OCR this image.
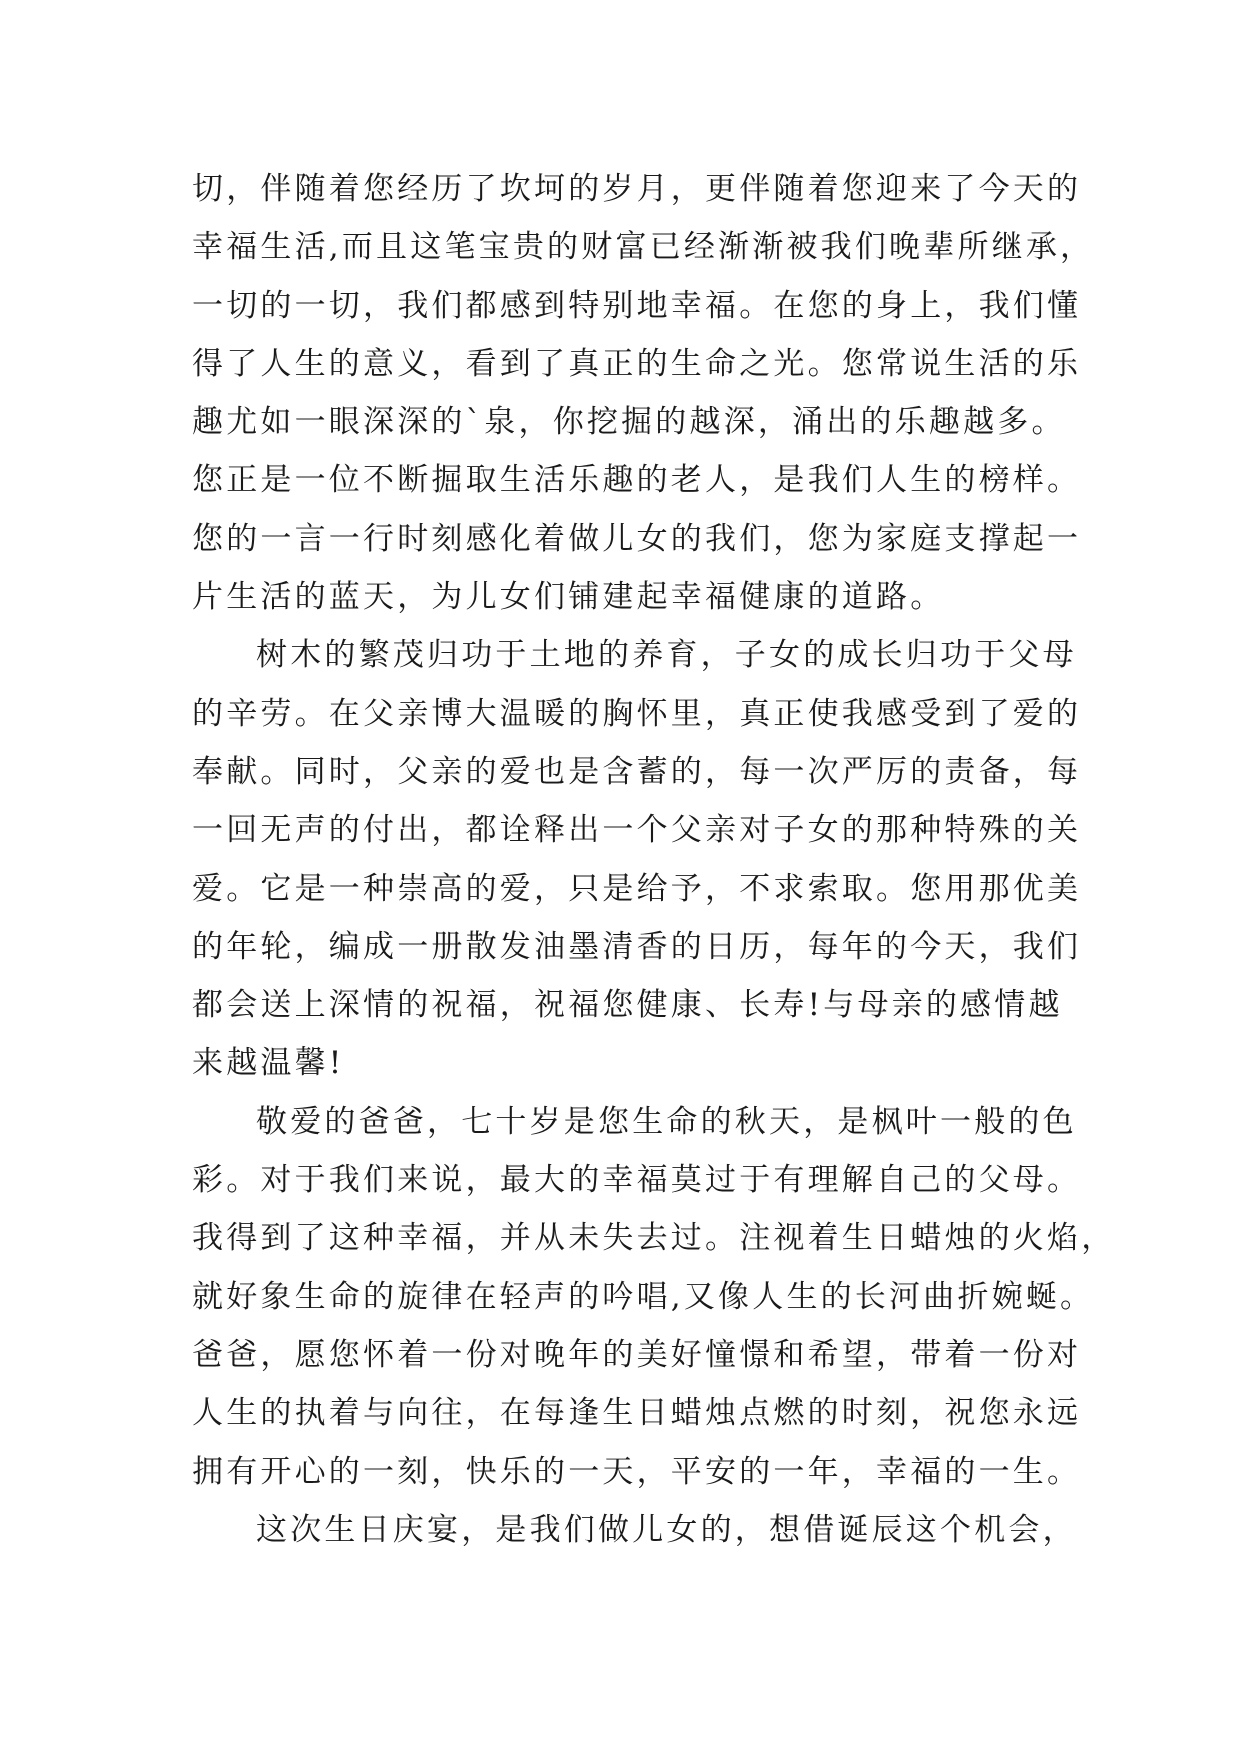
切，伴随着您经历了坎坷的岁月，更伴随着您迎来了今天的
幸福生活,而且这笔宝贵的财富已经渐渐被我们晚辈所继承，
一切的一切，我们都感到特别地幸福。在您的身上，我们懂
得了人生的意义，看到了真正的生命之光。您常说生活的乐
趣尤如一眼深深的`泉，你挖掘的越深，涌出的乐趣越多。
您正是一位不断掘取生活乐趣的老人，是我们人生的榜样。
您的一言一行时刻感化着做儿女的我们，您为家庭支撑起一
片生活的蓝天，为儿女们铺建起幸福健康的道路。
树木的繁茂归功于土地的养育，子女的成长归功于父母
的辛劳。在父亲博大温暖的胸怀里，真正使我感受到了爱的
奉献。同时，父亲的爱也是含蓄的，每一次严厉的责备，每
一回无声的付出，都诠释出一个父亲对子女的那种特殊的关
爱。它是一种崇高的爱，只是给予，不求索取。您用那优美
的年轮，编成一册散发油墨清香的日历，每年的今天，我们
都会送上深情的祝福，祝福您健康、长寿!与母亲的感情越
来越温馨!
敬爱的爸爸，七十岁是您生命的秋天，是枫叶一般的色
彩。对于我们来说，最大的幸福莫过于有理解自己的父母。
我得到了这种幸福，并从未失去过。注视着生日蜡烛的火焰，
就好象生命的旋律在轻声的吟唱,又像人生的长河曲折婉蜒。
爸爸，愿您怀着一份对晚年的美好憧憬和希望，带着一份对
人生的执着与向往，在每逢生日蜡烛点燃的时刻，祝您永远
拥有开心的一刻，快乐的一天，平安的一年，幸福的一生。
这次生日庆宴，是我们做儿女的，想借诞辰这个机会，
